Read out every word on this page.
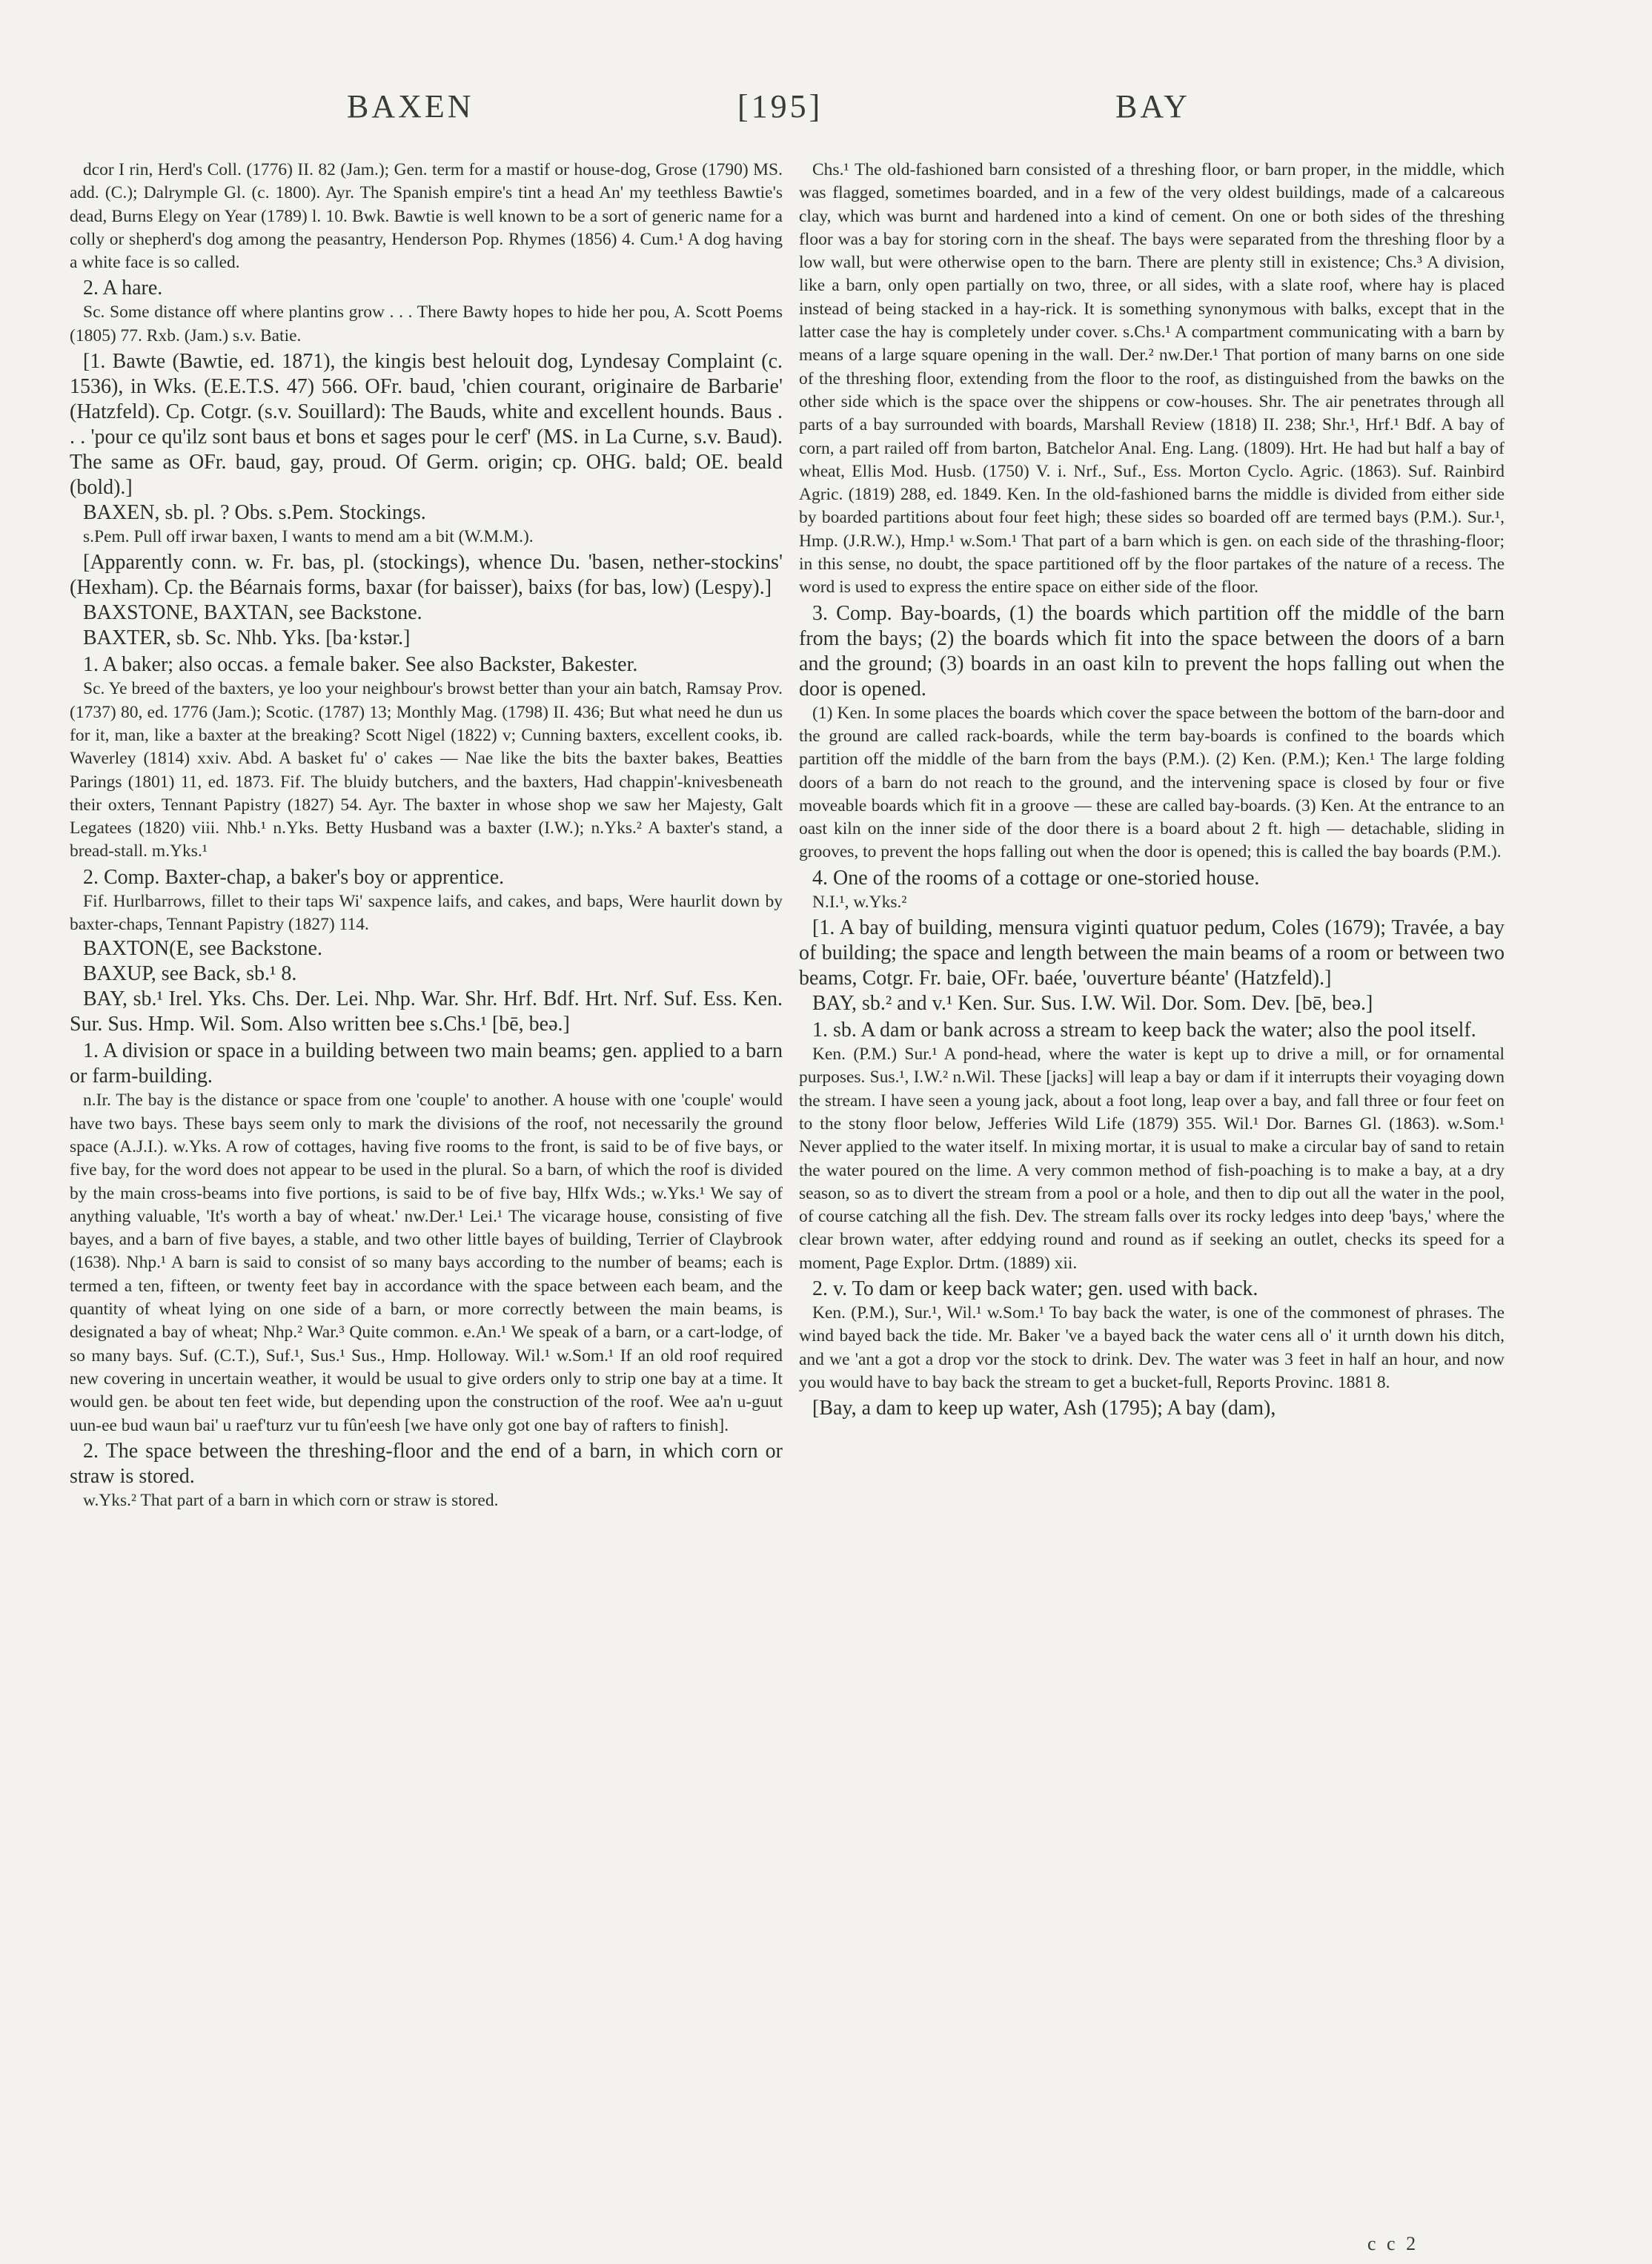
BAXEN	[195]	BAY

dcor I rin, Herd's Coll. (1776) II. 82 (Jam.); Gen. term for a mastif or house-dog, Grose (1790) MS. add. (C.); Dalrymple Gl. (c. 1800). Ayr. The Spanish empire's tint a head An' my teethless Bawtie's dead, Burns Elegy on Year (1789) l. 10. Bwk. Bawtie is well known to be a sort of generic name for a colly or shepherd's dog among the peasantry, Henderson Pop. Rhymes (1856) 4. Cum.¹ A dog having a white face is so called.

2. A hare.

Sc. Some distance off where plantins grow . . . There Bawty hopes to hide her pou, A. Scott Poems (1805) 77. Rxb. (Jam.) s.v. Batie.

[1. Bawte (Bawtie, ed. 1871), the kingis best helouit dog, Lyndesay Complaint (c. 1536), in Wks. (E.E.T.S. 47) 566. OFr. baud, 'chien courant, originaire de Barbarie' (Hatzfeld). Cp. Cotgr. (s.v. Souillard): The Bauds, white and excellent hounds. Baus . . . 'pour ce qu'ilz sont baus et bons et sages pour le cerf' (MS. in La Curne, s.v. Baud). The same as OFr. baud, gay, proud. Of Germ. origin; cp. OHG. bald; OE. beald (bold).]

BAXEN, sb. pl. ? Obs. s.Pem. Stockings.

s.Pem. Pull off irwar baxen, I wants to mend am a bit (W.M.M.).

[Apparently conn. w. Fr. bas, pl. (stockings), whence Du. 'basen, nether-stockins' (Hexham). Cp. the Béarnais forms, baxar (for baisser), baixs (for bas, low) (Lespy).]

BAXSTONE, BAXTAN, see Backstone.

BAXTER, sb. Sc. Nhb. Yks. [ba·kstər.]

1. A baker; also occas. a female baker. See also Backster, Bakester.

Sc. Ye breed of the baxters, ye loo your neighbour's browst better than your ain batch, Ramsay Prov. (1737) 80, ed. 1776 (Jam.); Scotic. (1787) 13; Monthly Mag. (1798) II. 436; But what need he dun us for it, man, like a baxter at the breaking? Scott Nigel (1822) v; Cunning baxters, excellent cooks, ib. Waverley (1814) xxiv. Abd. A basket fu' o' cakes — Nae like the bits the baxter bakes, Beatties Parings (1801) 11, ed. 1873. Fif. The bluidy butchers, and the baxters, Had chappin'-knivesbeneath their oxters, Tennant Papistry (1827) 54. Ayr. The baxter in whose shop we saw her Majesty, Galt Legatees (1820) viii. Nhb.¹ n.Yks. Betty Husband was a baxter (I.W.); n.Yks.² A baxter's stand, a bread-stall. m.Yks.¹

2. Comp. Baxter-chap, a baker's boy or apprentice.

Fif. Hurlbarrows, fillet to their taps Wi' saxpence laifs, and cakes, and baps, Were haurlit down by baxter-chaps, Tennant Papistry (1827) 114.

BAXTON(E, see Backstone.

BAXUP, see Back, sb.¹ 8.

BAY, sb.¹ Irel. Yks. Chs. Der. Lei. Nhp. War. Shr. Hrf. Bdf. Hrt. Nrf. Suf. Ess. Ken. Sur. Sus. Hmp. Wil. Som. Also written bee s.Chs.¹ [bē, beə.]

1. A division or space in a building between two main beams; gen. applied to a barn or farm-building.

n.Ir. The bay is the distance or space from one 'couple' to another. A house with one 'couple' would have two bays. These bays seem only to mark the divisions of the roof, not necessarily the ground space (A.J.I.). w.Yks. A row of cottages, having five rooms to the front, is said to be of five bays, or five bay, for the word does not appear to be used in the plural. So a barn, of which the roof is divided by the main cross-beams into five portions, is said to be of five bay, Hlfx Wds.; w.Yks.¹ We say of anything valuable, 'It's worth a bay of wheat.' nw.Der.¹ Lei.¹ The vicarage house, consisting of five bayes, and a barn of five bayes, a stable, and two other little bayes of building, Terrier of Claybrook (1638). Nhp.¹ A barn is said to consist of so many bays according to the number of beams; each is termed a ten, fifteen, or twenty feet bay in accordance with the space between each beam, and the quantity of wheat lying on one side of a barn, or more correctly between the main beams, is designated a bay of wheat; Nhp.² War.³ Quite common. e.An.¹ We speak of a barn, or a cart-lodge, of so many bays. Suf. (C.T.), Suf.¹, Sus.¹ Sus., Hmp. Holloway. Wil.¹ w.Som.¹ If an old roof required new covering in uncertain weather, it would be usual to give orders only to strip one bay at a time. It would gen. be about ten feet wide, but depending upon the construction of the roof. Wee aa'n u-guut uun-ee bud waun bai' u raef'turz vur tu fûn'eesh [we have only got one bay of rafters to finish].

2. The space between the threshing-floor and the end of a barn, in which corn or straw is stored.

w.Yks.² That part of a barn in which corn or straw is stored.

Chs.¹ The old-fashioned barn consisted of a threshing floor, or barn proper, in the middle, which was flagged, sometimes boarded, and in a few of the very oldest buildings, made of a calcareous clay, which was burnt and hardened into a kind of cement. On one or both sides of the threshing floor was a bay for storing corn in the sheaf. The bays were separated from the threshing floor by a low wall, but were otherwise open to the barn. There are plenty still in existence; Chs.³ A division, like a barn, only open partially on two, three, or all sides, with a slate roof, where hay is placed instead of being stacked in a hay-rick. It is something synonymous with balks, except that in the latter case the hay is completely under cover. s.Chs.¹ A compartment communicating with a barn by means of a large square opening in the wall. Der.² nw.Der.¹ That portion of many barns on one side of the threshing floor, extending from the floor to the roof, as distinguished from the bawks on the other side which is the space over the shippens or cow-houses. Shr. The air penetrates through all parts of a bay surrounded with boards, Marshall Review (1818) II. 238; Shr.¹, Hrf.¹ Bdf. A bay of corn, a part railed off from barton, Batchelor Anal. Eng. Lang. (1809). Hrt. He had but half a bay of wheat, Ellis Mod. Husb. (1750) V. i. Nrf., Suf., Ess. Morton Cyclo. Agric. (1863). Suf. Rainbird Agric. (1819) 288, ed. 1849. Ken. In the old-fashioned barns the middle is divided from either side by boarded partitions about four feet high; these sides so boarded off are termed bays (P.M.). Sur.¹, Hmp. (J.R.W.), Hmp.¹ w.Som.¹ That part of a barn which is gen. on each side of the thrashing-floor; in this sense, no doubt, the space partitioned off by the floor partakes of the nature of a recess. The word is used to express the entire space on either side of the floor.

3. Comp. Bay-boards, (1) the boards which partition off the middle of the barn from the bays; (2) the boards which fit into the space between the doors of a barn and the ground; (3) boards in an oast kiln to prevent the hops falling out when the door is opened.

(1) Ken. In some places the boards which cover the space between the bottom of the barn-door and the ground are called rack-boards, while the term bay-boards is confined to the boards which partition off the middle of the barn from the bays (P.M.). (2) Ken. (P.M.); Ken.¹ The large folding doors of a barn do not reach to the ground, and the intervening space is closed by four or five moveable boards which fit in a groove — these are called bay-boards. (3) Ken. At the entrance to an oast kiln on the inner side of the door there is a board about 2 ft. high — detachable, sliding in grooves, to prevent the hops falling out when the door is opened; this is called the bay boards (P.M.).

4. One of the rooms of a cottage or one-storied house.

N.I.¹, w.Yks.²

[1. A bay of building, mensura viginti quatuor pedum, Coles (1679); Travée, a bay of building; the space and length between the main beams of a room or between two beams, Cotgr. Fr. baie, OFr. baée, 'ouverture béante' (Hatzfeld).]

BAY, sb.² and v.¹ Ken. Sur. Sus. I.W. Wil. Dor. Som. Dev. [bē, beə.]

1. sb. A dam or bank across a stream to keep back the water; also the pool itself.

Ken. (P.M.) Sur.¹ A pond-head, where the water is kept up to drive a mill, or for ornamental purposes. Sus.¹, I.W.² n.Wil. These [jacks] will leap a bay or dam if it interrupts their voyaging down the stream. I have seen a young jack, about a foot long, leap over a bay, and fall three or four feet on to the stony floor below, Jefferies Wild Life (1879) 355. Wil.¹ Dor. Barnes Gl. (1863). w.Som.¹ Never applied to the water itself. In mixing mortar, it is usual to make a circular bay of sand to retain the water poured on the lime. A very common method of fish-poaching is to make a bay, at a dry season, so as to divert the stream from a pool or a hole, and then to dip out all the water in the pool, of course catching all the fish. Dev. The stream falls over its rocky ledges into deep 'bays,' where the clear brown water, after eddying round and round as if seeking an outlet, checks its speed for a moment, Page Explor. Drtm. (1889) xii.

2. v. To dam or keep back water; gen. used with back.

Ken. (P.M.), Sur.¹, Wil.¹ w.Som.¹ To bay back the water, is one of the commonest of phrases. The wind bayed back the tide. Mr. Baker 've a bayed back the water cens all o' it urnth down his ditch, and we 'ant a got a drop vor the stock to drink. Dev. The water was 3 feet in half an hour, and now you would have to bay back the stream to get a bucket-full, Reports Provinc. 1881 8.

[Bay, a dam to keep up water, Ash (1795); A bay (dam),

c c 2
